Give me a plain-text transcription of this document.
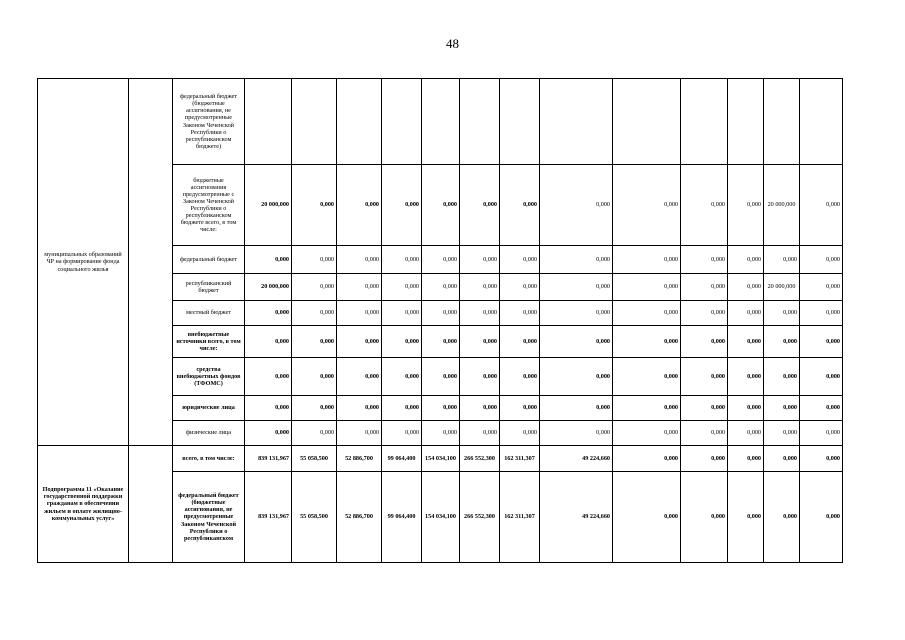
48
муниципальных образований ЧР на формирование фонда социального жилья		федеральный бюджет (бюджетные ассигнования, не предусмотренные Законом Чеченской Республики о республиканском бюджете)													
		бюджетные ассигнования предусмотренные с Законом Чеченской Республики о республиканском бюджете всего, в том числе:	20 000,000	0,000	0,000	0,000	0,000	0,000	0,000	0,000	0,000	0,000	0,000	20 000,000	0,000
		федеральный бюджет	0,000	0,000	0,000	0,000	0,000	0,000	0,000	0,000	0,000	0,000	0,000	0,000	0,000
		республиканский бюджет	20 000,000	0,000	0,000	0,000	0,000	0,000	0,000	0,000	0,000	0,000	0,000	20 000,000	0,000
		местный бюджет	0,000	0,000	0,000	0,000	0,000	0,000	0,000	0,000	0,000	0,000	0,000	0,000	0,000
		внебюджетные источники всего, в том числе:	0,000	0,000	0,000	0,000	0,000	0,000	0,000	0,000	0,000	0,000	0,000	0,000	0,000
		средства внебюджетных фондов (ТФОМС)	0,000	0,000	0,000	0,000	0,000	0,000	0,000	0,000	0,000	0,000	0,000	0,000	0,000
		юридические лица	0,000	0,000	0,000	0,000	0,000	0,000	0,000	0,000	0,000	0,000	0,000	0,000	0,000
		физические лица	0,000	0,000	0,000	0,000	0,000	0,000	0,000	0,000	0,000	0,000	0,000	0,000	0,000
Подпрограмма 11 «Оказание государственной поддержки гражданам в обеспечении жильем и оплате жилищно-коммунальных услуг»		всего, в том числе:	839 131,967	55 058,500	52 886,700	99 064,400	154 034,100	266 552,300	162 311,307	49 224,660	0,000	0,000	0,000	0,000	0,000
		федеральный бюджет (бюджетные ассигнования, не предусмотренные Законом Чеченской Республики о республиканском	839 131,967	55 058,500	52 886,700	99 064,400	154 034,100	266 552,300	162 311,307	49 224,660	0,000	0,000	0,000	0,000	0,000
